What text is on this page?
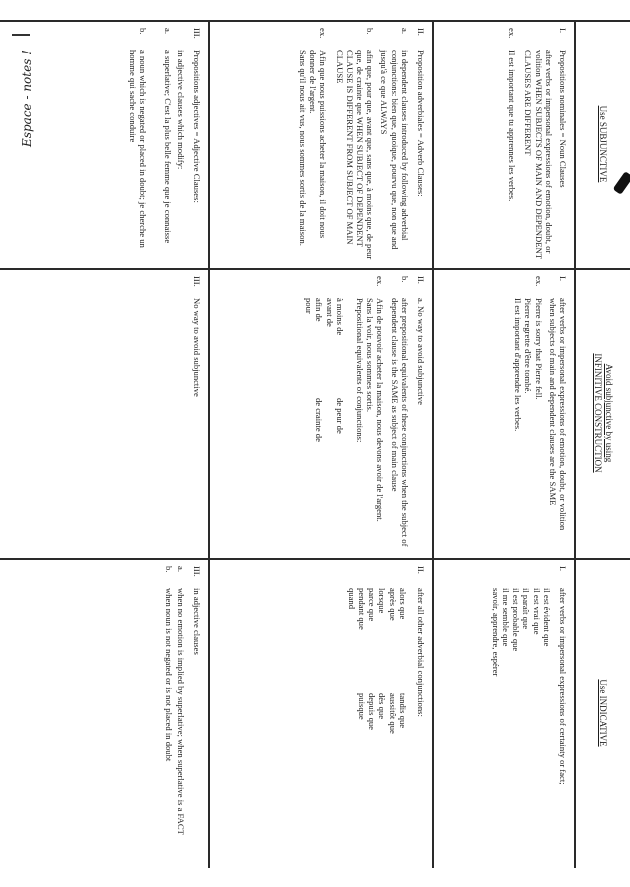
Use SUBJUNCTIVE
Avoid subjunctive by using
INFINITIVE CONSTRUCTION
Use INDICATIVE
I.
Propositions nominales = Noun Clauses

after verbs or impersonal expressions of emotion, doubt, or volition WHEN SUBJECTS OF MAIN AND DEPENDENT CLAUSES ARE DIFFERENT

ex.
Il est important que tu apprennes les verbes.
II.
Proposition adverbiales = Adverb Clauses:
a.
in dependent clauses introduced by following adverbial conjunctions: bien que, quoique, pourvu que, non que and jusqu'à ce que ALWAYS
b.
afin que, pour que, avant que, sans que, à moins que, de peur que, de crainte que WHEN SUBJECT OF DEPENDENT CLAUSE IS DIFFERENT FROM SUBJECT OF MAIN CLAUSE
ex.
Afin que nous puissions acheter la maison, il doit nous donner de l'argent.

Sans qu'il nous ait vus, nous sommes sortis de la maison.

III.
Propositions adjectives = Adjective Clauses:

in adjective clauses which modify:

a.
a superlative; C'est la plus belle femme que je connaisse
b.
a noun which is negated or placed in doubt; je cherche un homme qui sache conduire
I.
after verbs or impersonal expressions of emotion, doubt, or volition when subjects of main and dependent clauses are the SAME
ex.
Pierre is sorry that Pierre fell.

Pierre regrette d'être tombé.

Il est important d'apprendre les verbes.

II.
a. No way to avoid subjunctive
b.
after prepositional equivalents of these conjunctions when the subject of dependent clause is the SAME as subject of main clause
ex.
Afin de pouvoir acheter la maison, nous devons avoir de l'argent.

Sans la voir, nous sommes sortis.

Prepositional equivalents of conjunctions:

à moins de
avant de
afin de
pour
de peur de

de crainte de

III.
No way to avoid subjunctive
I.
after verbs or impersonal expressions of certainty or fact;
il est évident que
il est vrai que
il paraît que
il est probable que
il me semble que
savoir, apprendre, espérer
II.
after all other adverbial conjunctions:
alors que
après que
lorsque
parce que
pendant que
quand
tandis que
aussitôt que
dès que
depuis que
puisque

III.
in adjective clauses
a.
when no emotion is implied by superlative; when superlative is a FACT
b.
when noun is not negated or is not placed in doubt
Espace - notes !
